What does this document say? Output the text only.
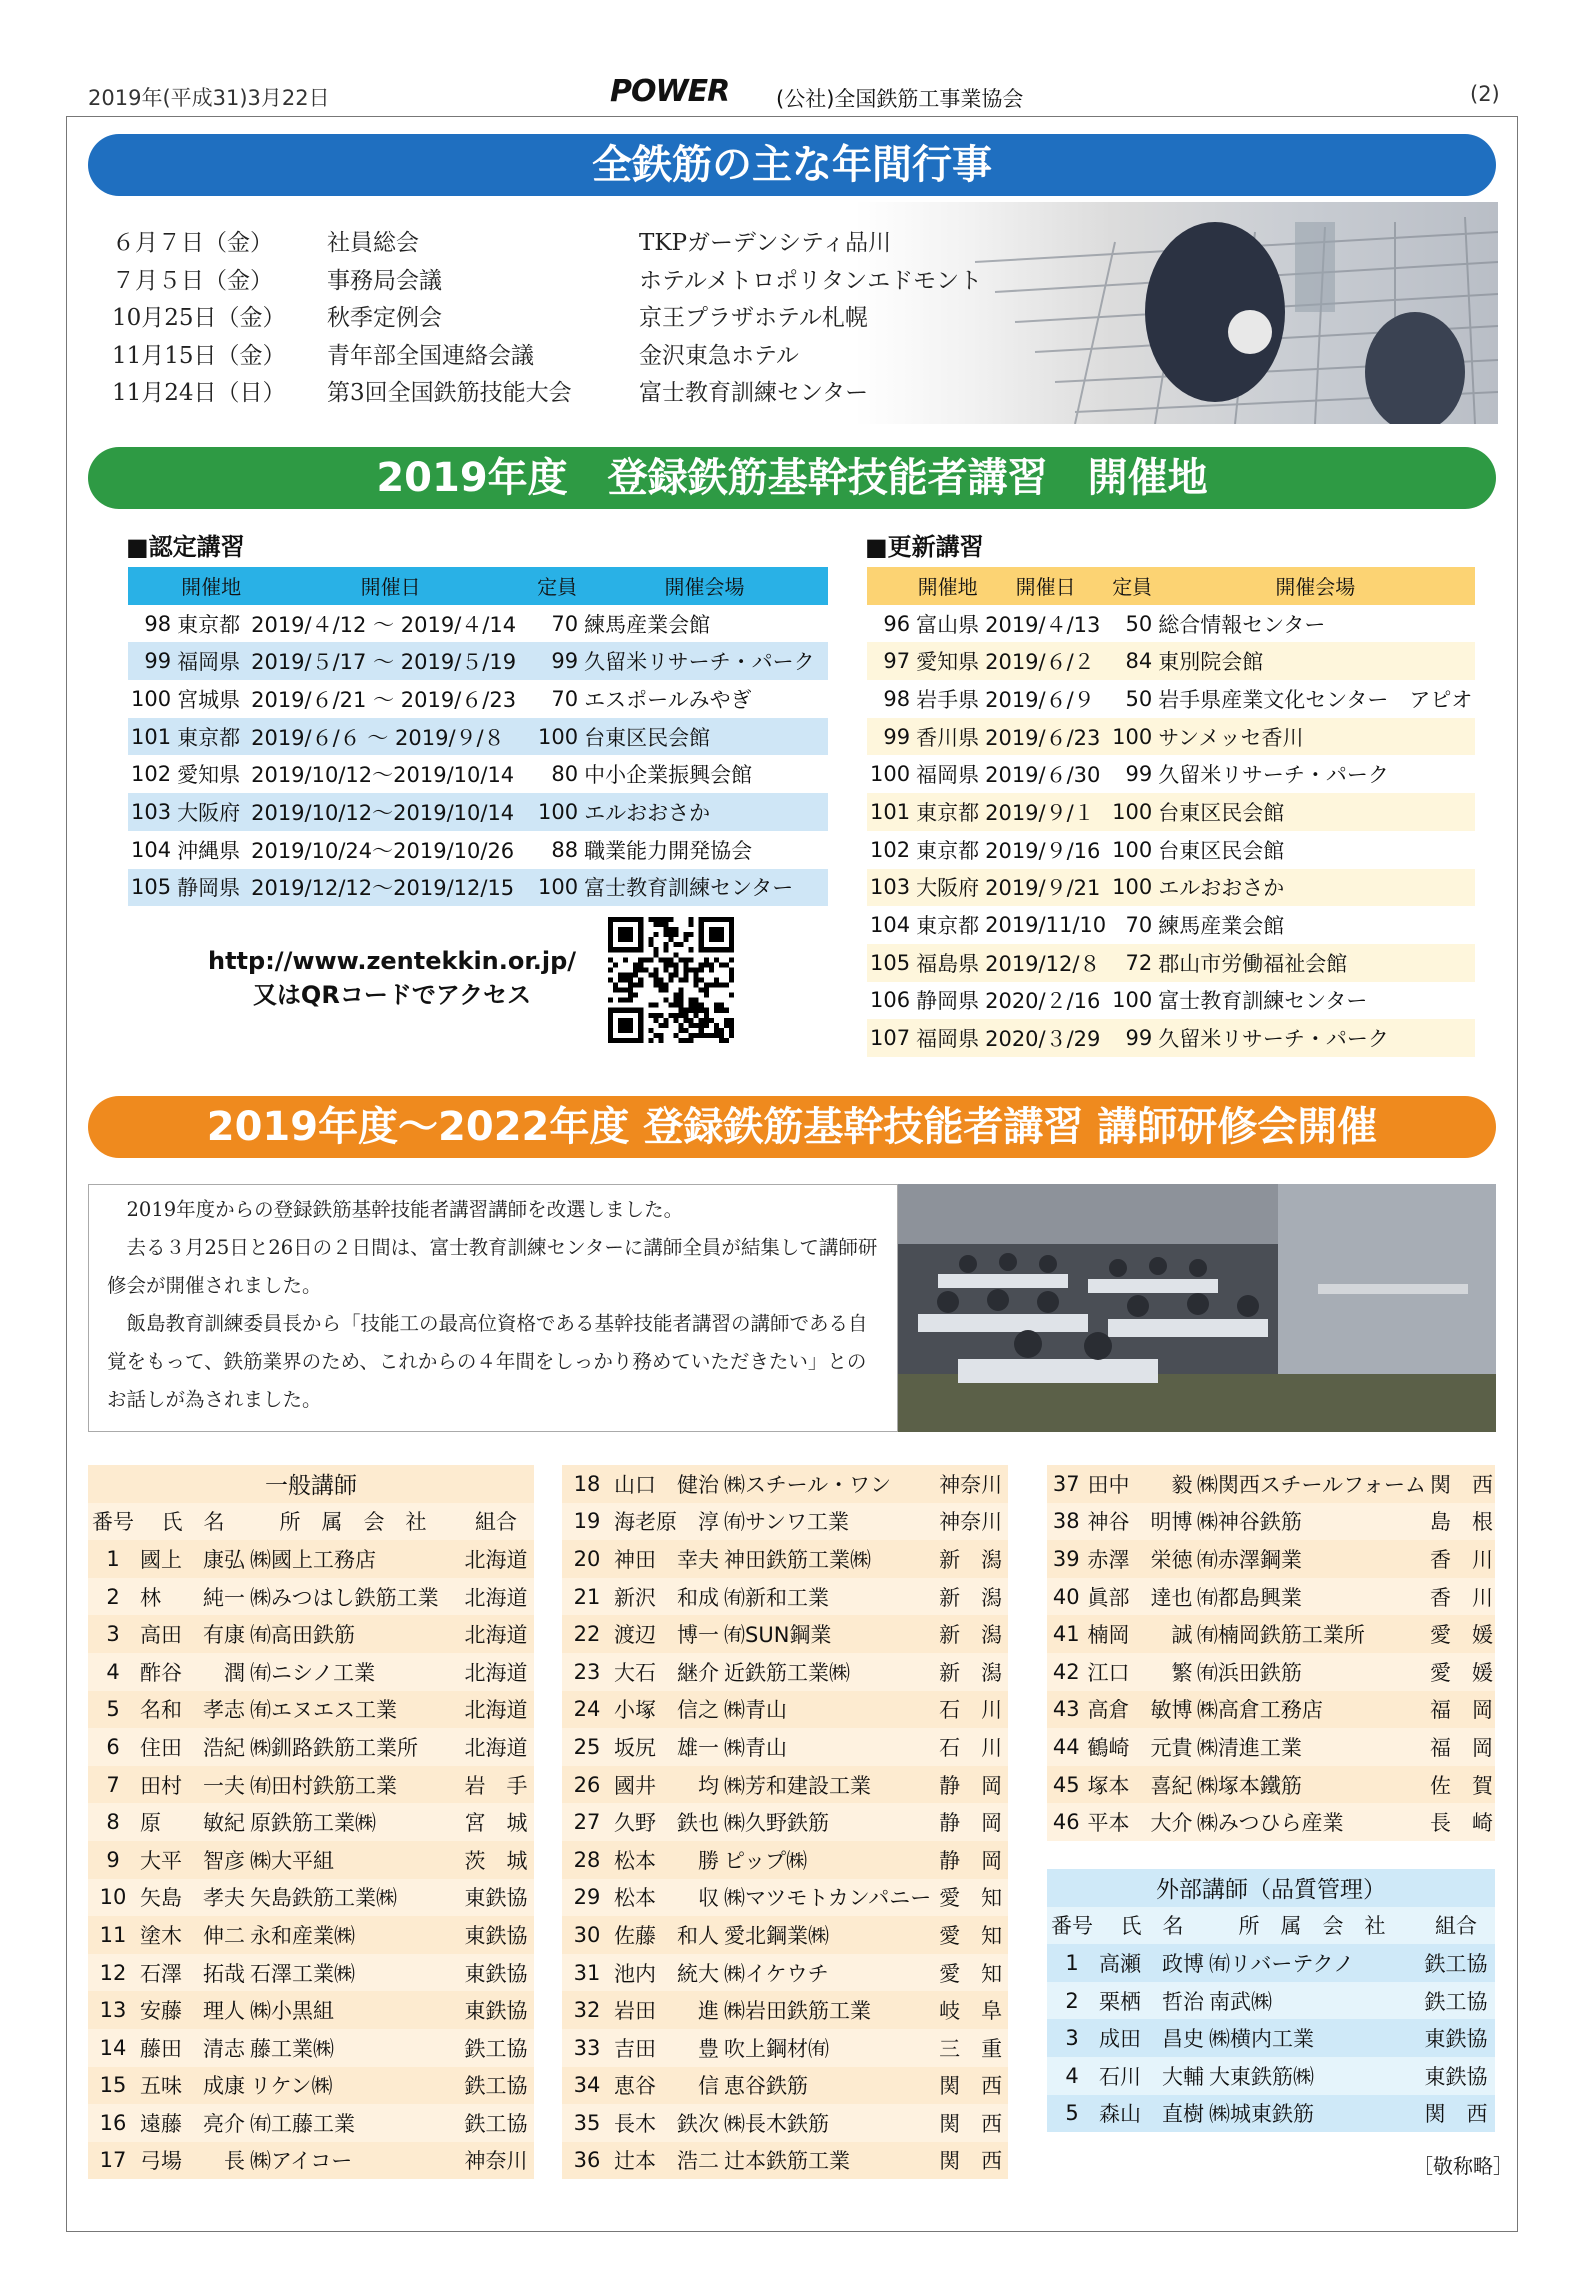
2019年(平成31)3月22日	POWER (公社)全国鉄筋工事業協会	(2)
全鉄筋の主な年間行事
６月７日（金） 社員総会	TKPガーデンシティ品川
７月５日（金） 事務局会議	ホテルメトロポリタンエドモント
10月25日（金） 秋季定例会	京王プラザホテル札幌
11月15日（金） 青年部全国連絡会議	金沢東急ホテル
11月24日（日） 第3回全国鉄筋技能大会	富士教育訓練センター
2019年度　登録鉄筋基幹技能者講習　開催地
■認定講習
	開催地	開催日	定員	開催会場
98	東京都	2019/４/12 ～ 2019/４/14	70	練馬産業会館
99	福岡県	2019/５/17 ～ 2019/５/19	99	久留米リサーチ・パーク
100	宮城県	2019/６/21 ～ 2019/６/23	70	エスポールみやぎ
101	東京都	2019/６/６ ～ 2019/９/８	100	台東区民会館
102	愛知県	2019/10/12～2019/10/14	80	中小企業振興会館
103	大阪府	2019/10/12～2019/10/14	100	エルおおさか
104	沖縄県	2019/10/24～2019/10/26	88	職業能力開発協会
105	静岡県	2019/12/12～2019/12/15	100	富士教育訓練センター
■更新講習
	開催地	開催日	定員	開催会場
96	富山県	2019/４/13	50	総合情報センター
97	愛知県	2019/６/２	84	東別院会館
98	岩手県	2019/６/９	50	岩手県産業文化センター　アピオ
99	香川県	2019/６/23	100	サンメッセ香川
100	福岡県	2019/６/30	99	久留米リサーチ・パーク
101	東京都	2019/９/１	100	台東区民会館
102	東京都	2019/９/16	100	台東区民会館
103	大阪府	2019/９/21	100	エルおおさか
104	東京都	2019/11/10	70	練馬産業会館
105	福島県	2019/12/８	72	郡山市労働福祉会館
106	静岡県	2020/２/16	100	富士教育訓練センター
107	福岡県	2020/３/29	99	久留米リサーチ・パーク
http://www.zentekkin.or.jp/
又はQRコードでアクセス
2019年度～2022年度 登録鉄筋基幹技能者講習 講師研修会開催

2019年度からの登録鉄筋基幹技能者講習講師を改選しました。

去る３月25日と26日の２日間は、富士教育訓練センターに講師全員が結集して講師研修会が開催されました。

飯島教育訓練委員長から「技能工の最高位資格である基幹技能者講習の講師である自覚をもって、鉄筋業界のため、これからの４年間をしっかり務めていただきたい」とのお話しが為されました。

一般講師			
番号	氏　名	所　属　会　社	組合
1	國上　康弘	㈱國上工務店	北海道
2	林　　純一	㈱みつはし鉄筋工業	北海道
3	高田　有康	㈲高田鉄筋	北海道
4	酢谷　　潤	㈲ニシノ工業	北海道
5	名和　孝志	㈲エヌエス工業	北海道
6	住田　浩紀	㈱釧路鉄筋工業所	北海道
7	田村　一夫	㈲田村鉄筋工業	岩　手
8	原　　敏紀	原鉄筋工業㈱	宮　城
9	大平　智彦	㈱大平組	茨　城
10	矢島　孝夫	矢島鉄筋工業㈱	東鉄協
11	塗木　伸二	永和産業㈱	東鉄協
12	石澤　拓哉	石澤工業㈱	東鉄協
13	安藤　理人	㈱小黒組	東鉄協
14	藤田　清志	藤工業㈱	鉄工協
15	五味　成康	リケン㈱	鉄工協
16	遠藤　亮介	㈲工藤工業	鉄工協
17	弓場　　長	㈱アイコー	神奈川
18	山口　健治	㈱スチール・ワン	神奈川
19	海老原　淳	㈲サンワ工業	神奈川
20	神田　幸夫	神田鉄筋工業㈱	新　潟
21	新沢　和成	㈲新和工業	新　潟
22	渡辺　博一	㈲SUN鋼業	新　潟
23	大石　継介	近鉄筋工業㈱	新　潟
24	小塚　信之	㈱青山	石　川
25	坂尻　雄一	㈱青山	石　川
26	國井　　均	㈱芳和建設工業	静　岡
27	久野　鉄也	㈱久野鉄筋	静　岡
28	松本　　勝	ピップ㈱	静　岡
29	松本　　収	㈱マツモトカンパニー	愛　知
30	佐藤　和人	愛北鋼業㈱	愛　知
31	池内　統大	㈱イケウチ	愛　知
32	岩田　　進	㈱岩田鉄筋工業	岐　阜
33	吉田　　豊	吹上鋼材㈲	三　重
34	恵谷　　信	恵谷鉄筋	関　西
35	長木　鉄次	㈱長木鉄筋	関　西
36	辻本　浩二	辻本鉄筋工業	関　西
37	田中　　毅	㈱関西スチールフォーム	関　西
38	神谷　明博	㈱神谷鉄筋	島　根
39	赤澤　栄徳	㈲赤澤鋼業	香　川
40	眞部　達也	㈲都島興業	香　川
41	楠岡　　誠	㈲楠岡鉄筋工業所	愛　媛
42	江口　　繁	㈲浜田鉄筋	愛　媛
43	高倉　敏博	㈱高倉工務店	福　岡
44	鶴崎　元貴	㈱清進工業	福　岡
45	塚本　喜紀	㈱塚本鐵筋	佐　賀
46	平本　大介	㈱みつひら産業	長　崎
外部講師（品質管理）			
番号	氏　名	所　属　会　社	組合
1	高瀬　政博	㈲リバーテクノ	鉄工協
2	栗栖　哲治	南武㈱	鉄工協
3	成田　昌史	㈱横内工業	東鉄協
4	石川　大輔	大東鉄筋㈱	東鉄協
5	森山　直樹	㈱城東鉄筋	関　西
［敬称略］
